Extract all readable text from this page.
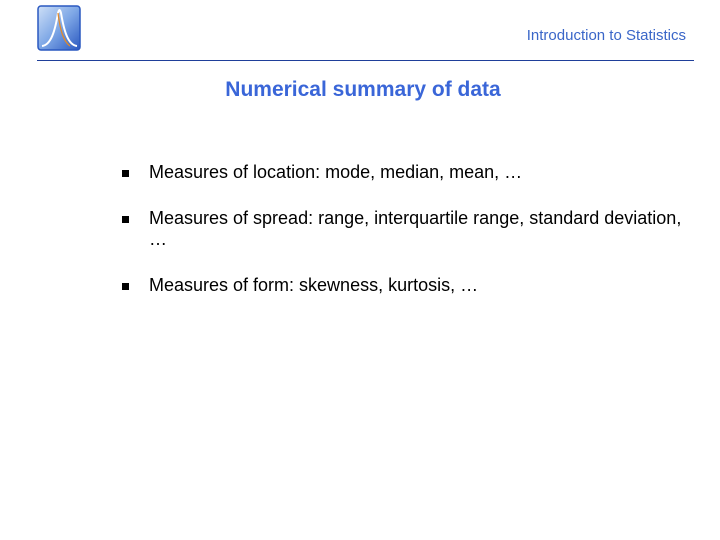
Introduction to Statistics
Numerical summary of data
Measures of location: mode, median, mean, …
Measures of spread: range, interquartile range, standard deviation, …
Measures of form: skewness, kurtosis, …
